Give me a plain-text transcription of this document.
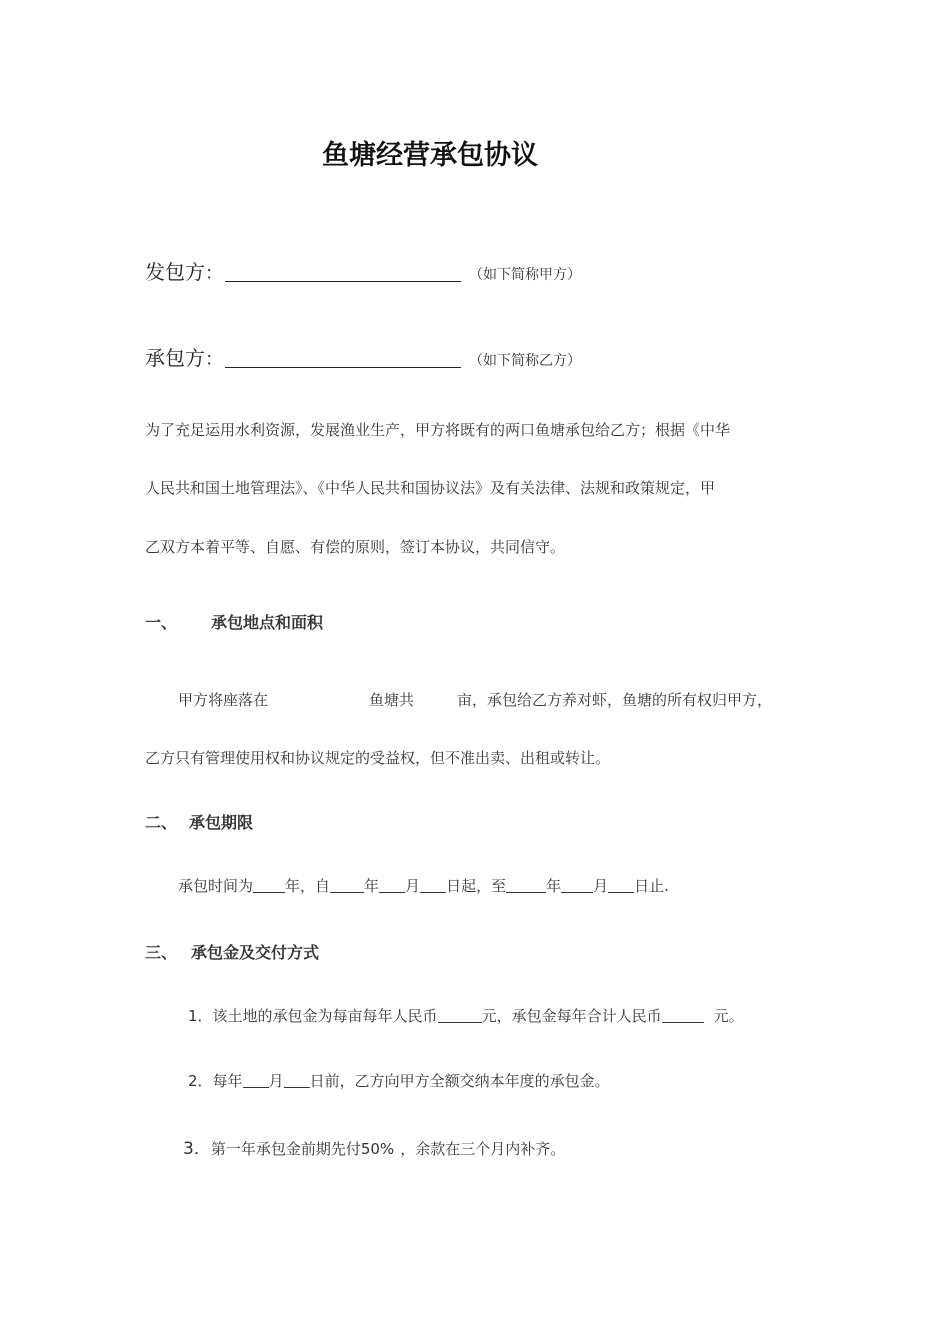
鱼塘经营承包协议
发包方：	（如下简称甲方）
承包方：	（如下简称乙方）
为了充足运用水利资源，发展渔业生产，甲方将既有的两口鱼塘承包给乙方；根据《中华
人民共和国土地管理法》、《中华人民共和国协议法》及有关法律、法规和政策规定，甲
乙双方本着平等、自愿、有偿的原则，签订本协议，共同信守。
一、 承包地点和面积
甲方将座落在	鱼塘共	亩，承包给乙方养对虾，鱼塘的所有权归甲方，
乙方只有管理使用权和协议规定的受益权，但不准出卖、出租或转让。
二、 承包期限
承包时间为 年，自 年 月 日起，至	年 月 日止.
三、 承包金及交付方式
1．该土地的承包金为每亩每年人民币	元，承包金每年合计人民币	元。
2．每年 月 日前，乙方向甲方全额交纳本年度的承包金。
3．第一年承包金前期先付50% ，余款在三个月内补齐。
